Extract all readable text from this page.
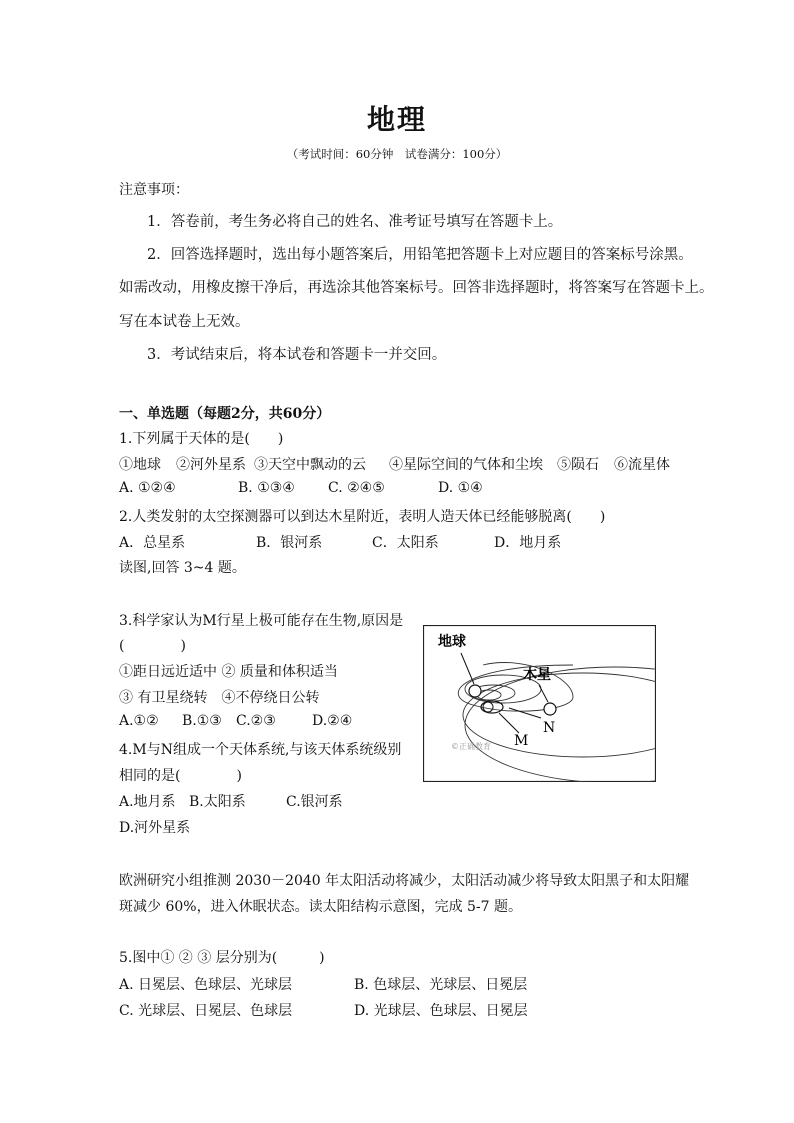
地理
（考试时间：60分钟　试卷满分：100分）
注意事项：
1．答卷前，考生务必将自己的姓名、准考证号填写在答题卡上。
2．回答选择题时，选出每小题答案后，用铅笔把答题卡上对应题目的答案标号涂黑。
如需改动，用橡皮擦干净后，再选涂其他答案标号。回答非选择题时，将答案写在答题卡上。
写在本试卷上无效。
3．考试结束后，将本试卷和答题卡一并交回。
一、单选题（每题2分，共60分）
1.下列属于天体的是(　　)
①地球 ②河外星系 ③天空中飘动的云 ④星际空间的气体和尘埃 ⑤陨石 ⑥流星体
A. ①②④	B. ①③④ C. ②④⑤	D. ①④
2.人类发射的太空探测器可以到达木星附近，表明人造天体已经能够脱离(　　)
A．总星系	B．银河系	C．太阳系	D．地月系
读图,回答 3~4 题。
3.科学家认为M行星上极可能存在生物,原因是
(　　　　)
①距日远近适中 ② 质量和体积适当
③ 有卫星绕转　④不停绕日公转
A.①② B.①③ C.②③	D.②④
4.M与N组成一个天体系统,与该天体系统级别
相同的是(　　　　)
A.地月系 B.太阳系	C.银河系
D.河外星系
地球
木星
N
M
©正确教育
欧洲研究小组推测 2030－2040 年太阳活动将减少，太阳活动减少将导致太阳黑子和太阳耀
斑减少 60%，进入休眠状态。读太阳结构示意图，完成 5-7 题。
5.图中① ② ③ 层分别为(　　　)
A. 日冕层、色球层、光球层	B. 色球层、光球层、日冕层
C. 光球层、日冕层、色球层	D. 光球层、色球层、日冕层
